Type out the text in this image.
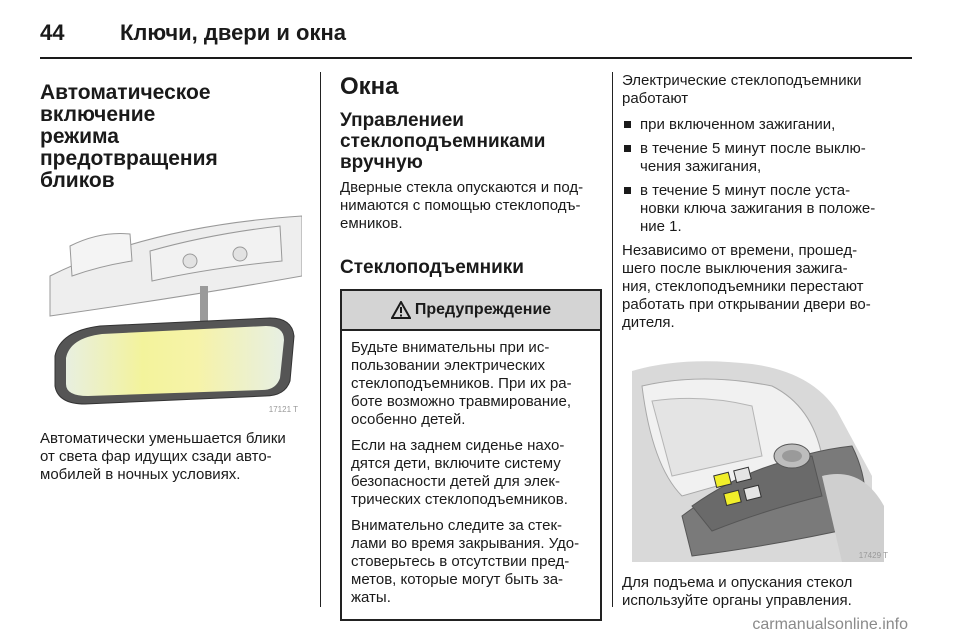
44	Ключи, двери и окна
Автоматическое включение
режима предотвращения
бликов
17121 T

Автоматически уменьшается блики
от света фар идущих сзади авто-
мобилей в ночных условиях.

Окна
Управлениеи
стеклоподъемниками
вручную

Дверные стекла опускаются и под-
нимаются с помощью стеклоподъ-
емников.

Стеклоподъемники
Предупреждение

Будьте внимательны при ис-
пользовании электрических
стеклоподъемников. При их ра-
боте возможно травмирование,
особенно детей.

Если на заднем сиденье нахо-
дятся дети, включите систему
безопасности детей для элек-
трических стеклоподъемников.

Внимательно следите за стек-
лами во время закрывания. Удо-
стоверьтесь в отсутствии пред-
метов, которые могут быть за-
жаты.

Электрические стеклоподъемники
работают

при включенном зажигании,
в течение 5 минут после выклю-
чения зажигания,
в течение 5 минут после уста-
новки ключа зажигания в положе-
ние 1.

Независимо от времени, прошед-
шего после выключения зажига-
ния, стеклоподъемники перестают
работать при открывании двери во-
дителя.

17429 T

Для подъема и опускания стекол
используйте органы управления.

carmanualsonline.info
